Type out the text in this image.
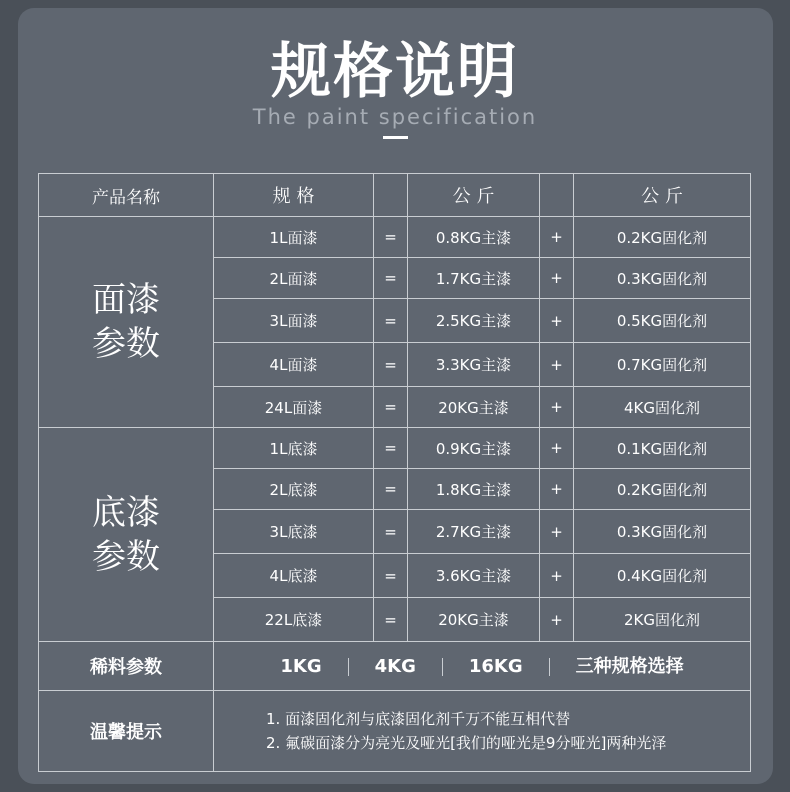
规格说明
The paint specification
产品名称	规 格		公 斤		公 斤

面漆
参数	1L面漆	=	0.8KG主漆	+	0.2KG固化剂
	2L面漆	=	1.7KG主漆	+	0.3KG固化剂
	3L面漆	=	2.5KG主漆	+	0.5KG固化剂
	4L面漆	=	3.3KG主漆	+	0.7KG固化剂
	24L面漆	=	20KG主漆	+	4KG固化剂

底漆
参数	1L底漆	=	0.9KG主漆	+	0.1KG固化剂
	2L底漆	=	1.8KG主漆	+	0.2KG固化剂
	3L底漆	=	2.7KG主漆	+	0.3KG固化剂
	4L底漆	=	3.6KG主漆	+	0.4KG固化剂
	22L底漆	=	20KG主漆	+	2KG固化剂
稀料参数	1KG 4KG 16KG 三种规格选择				
温馨提示	1. 面漆固化剂与底漆固化剂千万不能互相代替
2. 氟碳面漆分为亮光及哑光[我们的哑光是9分哑光]两种光泽				
